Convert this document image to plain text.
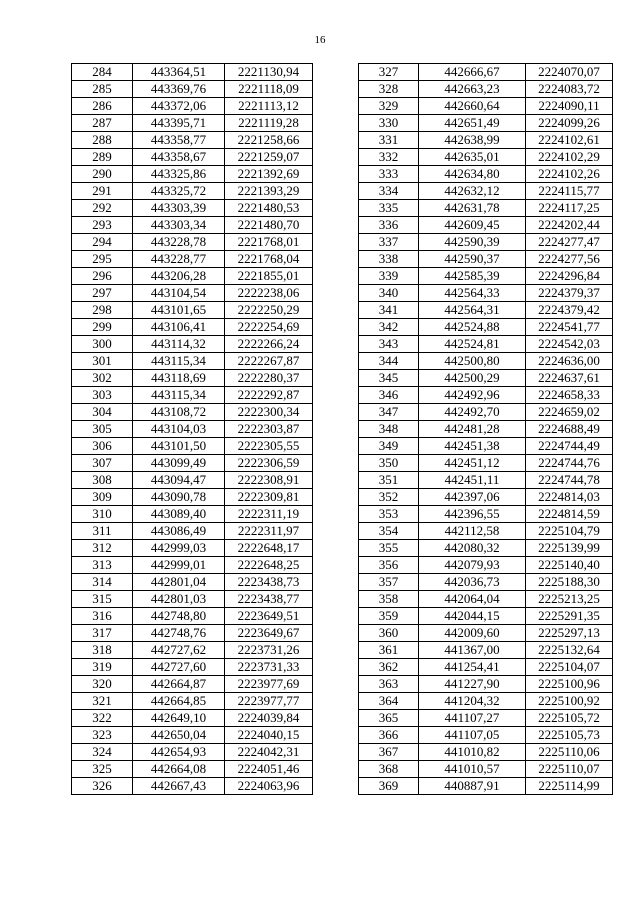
16
284	443364,51	2221130,94
285	443369,76	2221118,09
286	443372,06	2221113,12
287	443395,71	2221119,28
288	443358,77	2221258,66
289	443358,67	2221259,07
290	443325,86	2221392,69
291	443325,72	2221393,29
292	443303,39	2221480,53
293	443303,34	2221480,70
294	443228,78	2221768,01
295	443228,77	2221768,04
296	443206,28	2221855,01
297	443104,54	2222238,06
298	443101,65	2222250,29
299	443106,41	2222254,69
300	443114,32	2222266,24
301	443115,34	2222267,87
302	443118,69	2222280,37
303	443115,34	2222292,87
304	443108,72	2222300,34
305	443104,03	2222303,87
306	443101,50	2222305,55
307	443099,49	2222306,59
308	443094,47	2222308,91
309	443090,78	2222309,81
310	443089,40	2222311,19
311	443086,49	2222311,97
312	442999,03	2222648,17
313	442999,01	2222648,25
314	442801,04	2223438,73
315	442801,03	2223438,77
316	442748,80	2223649,51
317	442748,76	2223649,67
318	442727,62	2223731,26
319	442727,60	2223731,33
320	442664,87	2223977,69
321	442664,85	2223977,77
322	442649,10	2224039,84
323	442650,04	2224040,15
324	442654,93	2224042,31
325	442664,08	2224051,46
326	442667,43	2224063,96
327	442666,67	2224070,07
328	442663,23	2224083,72
329	442660,64	2224090,11
330	442651,49	2224099,26
331	442638,99	2224102,61
332	442635,01	2224102,29
333	442634,80	2224102,26
334	442632,12	2224115,77
335	442631,78	2224117,25
336	442609,45	2224202,44
337	442590,39	2224277,47
338	442590,37	2224277,56
339	442585,39	2224296,84
340	442564,33	2224379,37
341	442564,31	2224379,42
342	442524,88	2224541,77
343	442524,81	2224542,03
344	442500,80	2224636,00
345	442500,29	2224637,61
346	442492,96	2224658,33
347	442492,70	2224659,02
348	442481,28	2224688,49
349	442451,38	2224744,49
350	442451,12	2224744,76
351	442451,11	2224744,78
352	442397,06	2224814,03
353	442396,55	2224814,59
354	442112,58	2225104,79
355	442080,32	2225139,99
356	442079,93	2225140,40
357	442036,73	2225188,30
358	442064,04	2225213,25
359	442044,15	2225291,35
360	442009,60	2225297,13
361	441367,00	2225132,64
362	441254,41	2225104,07
363	441227,90	2225100,96
364	441204,32	2225100,92
365	441107,27	2225105,72
366	441107,05	2225105,73
367	441010,82	2225110,06
368	441010,57	2225110,07
369	440887,91	2225114,99
